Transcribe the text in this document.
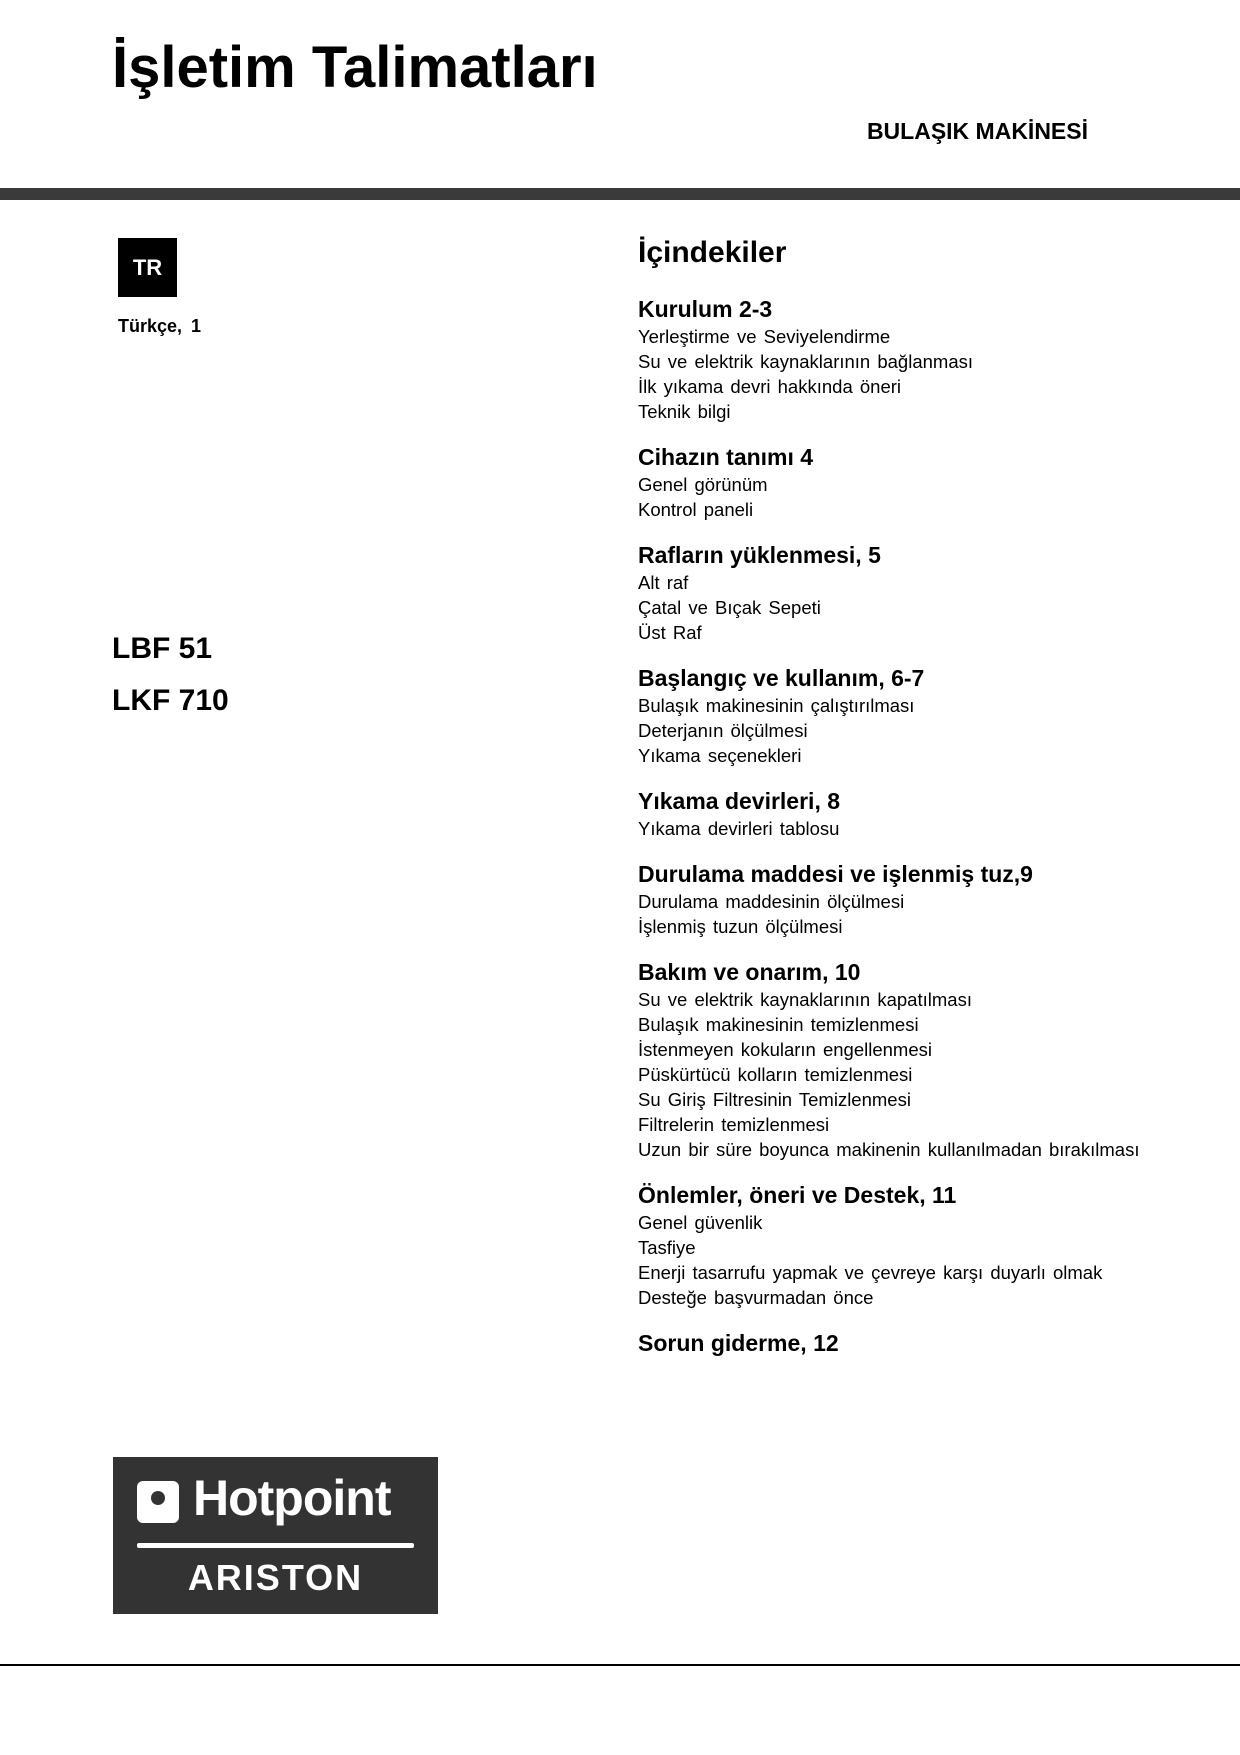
İşletim Talimatları
BULAŞIK MAKİNESİ
TR
Türkçe, 1
LBF 51
LKF 710
Hotpoint
ARISTON
İçindekiler
Kurulum 2-3
Yerleştirme ve Seviyelendirme
Su ve elektrik kaynaklarının bağlanması
İlk yıkama devri hakkında öneri
Teknik bilgi
Cihazın tanımı 4
Genel görünüm
Kontrol paneli
Rafların yüklenmesi, 5
Alt raf
Çatal ve Bıçak Sepeti
Üst Raf
Başlangıç ve kullanım, 6-7
Bulaşık makinesinin çalıştırılması
Deterjanın ölçülmesi
Yıkama seçenekleri
Yıkama devirleri, 8
Yıkama devirleri tablosu
Durulama maddesi ve işlenmiş tuz,9
Durulama maddesinin ölçülmesi
İşlenmiş tuzun ölçülmesi
Bakım ve onarım, 10
Su ve elektrik kaynaklarının kapatılması
Bulaşık makinesinin temizlenmesi
İstenmeyen kokuların engellenmesi
Püskürtücü kolların temizlenmesi
Su Giriş Filtresinin Temizlenmesi
Filtrelerin temizlenmesi
Uzun bir süre boyunca makinenin kullanılmadan bırakılması
Önlemler, öneri ve Destek, 11
Genel güvenlik
Tasfiye
Enerji tasarrufu yapmak ve çevreye karşı duyarlı olmak
Desteğe başvurmadan önce
Sorun giderme, 12
